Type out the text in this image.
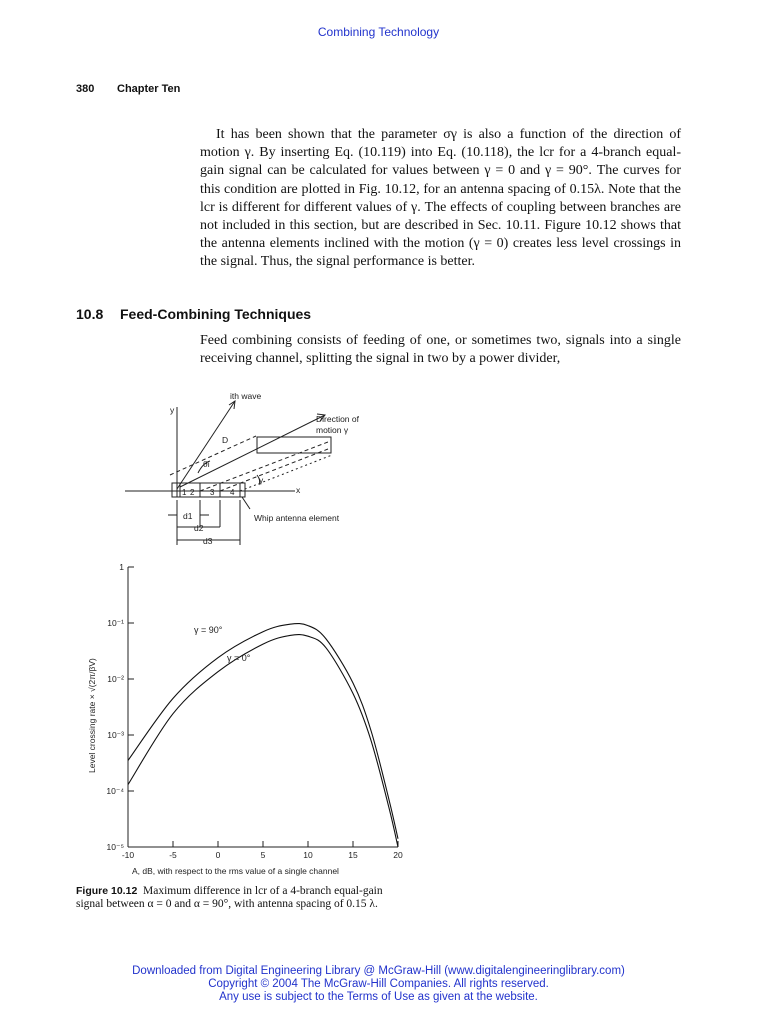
Combining Technology
380 Chapter Ten
It has been shown that the parameter σγ is also a function of the direction of motion γ. By inserting Eq. (10.119) into Eq. (10.118), the lcr for a 4-branch equal-gain signal can be calculated for values between γ = 0 and γ = 90°. The curves for this condition are plotted in Fig. 10.12, for an antenna spacing of 0.15λ. Note that the lcr is different for different values of γ. The effects of coupling between branches are not included in this section, but are described in Sec. 10.11. Figure 10.12 shows that the antenna elements inclined with the motion (γ = 0) creates less level crossings in the signal. Thus, the signal performance is better.
10.8 Feed-Combining Techniques
Feed combining consists of feeding of one, or sometimes two, signals into a single receiving channel, splitting the signal in two by a power divider,
ith wave
Direction of
motion γ
y
x
D
θi
γ
1 2 3 4
Whip antenna element
d1
d2
d3
1
10⁻¹
10⁻²
10⁻³
10⁻⁴
10⁻⁵
-10	-5	0	5	10	15	20
γ = 90°
γ = 0°
Level crossing rate × √(2π/βV)
A, dB, with respect to the rms value of a single channel
Figure 10.12 Maximum difference in lcr of a 4-branch equal-gain signal between α = 0 and α = 90°, with antenna spacing of 0.15 λ.
Downloaded from Digital Engineering Library @ McGraw-Hill (www.digitalengineeringlibrary.com)
Copyright © 2004 The McGraw-Hill Companies. All rights reserved.
Any use is subject to the Terms of Use as given at the website.
